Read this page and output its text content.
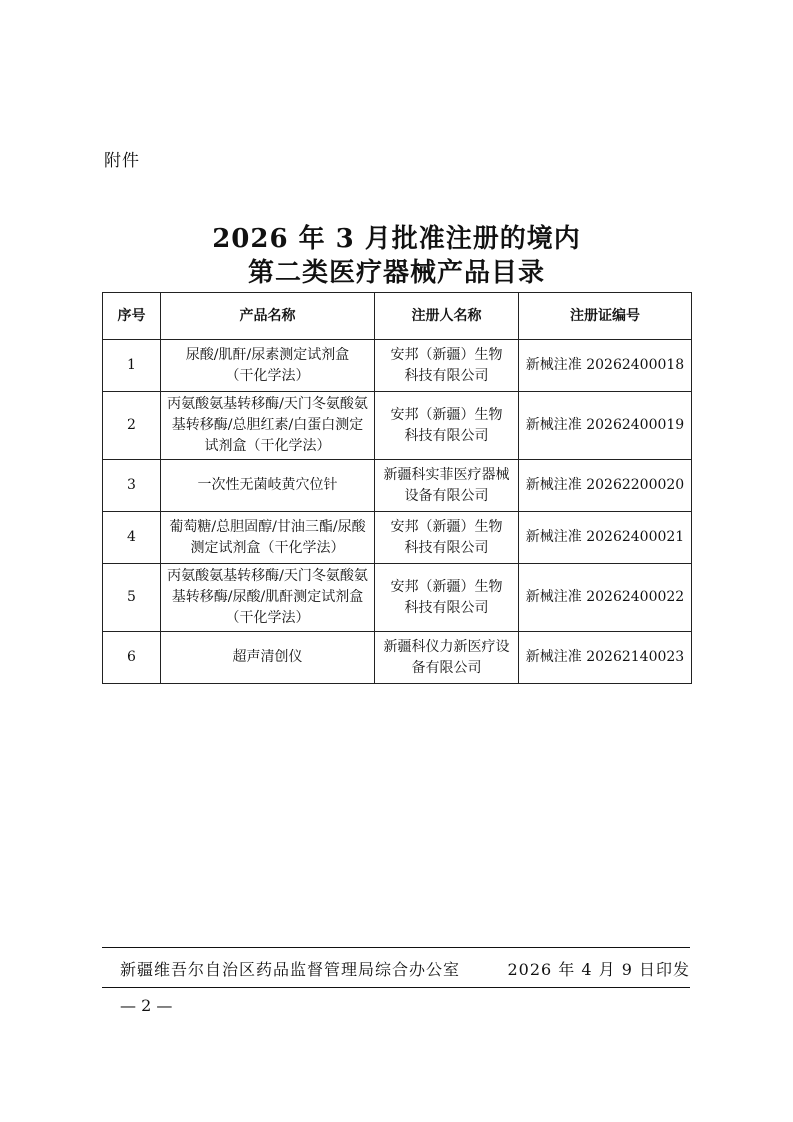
附件
2026 年 3 月批准注册的境内
第二类医疗器械产品目录
序号	产品名称	注册人名称	注册证编号
1	尿酸/肌酐/尿素测定试剂盒（干化学法）	安邦（新疆）生物科技有限公司	新械注准 20262400018
2	丙氨酸氨基转移酶/天门冬氨酸氨基转移酶/总胆红素/白蛋白测定试剂盒（干化学法）	安邦（新疆）生物科技有限公司	新械注准 20262400019
3	一次性无菌岐黄穴位针	新疆科实菲医疗器械设备有限公司	新械注准 20262200020
4	葡萄糖/总胆固醇/甘油三酯/尿酸测定试剂盒（干化学法）	安邦（新疆）生物科技有限公司	新械注准 20262400021
5	丙氨酸氨基转移酶/天门冬氨酸氨基转移酶/尿酸/肌酐测定试剂盒（干化学法）	安邦（新疆）生物科技有限公司	新械注准 20262400022
6	超声清创仪	新疆科仪力新医疗设备有限公司	新械注准 20262140023
新疆维吾尔自治区药品监督管理局综合办公室	2026 年 4 月 9 日印发
— 2 —
